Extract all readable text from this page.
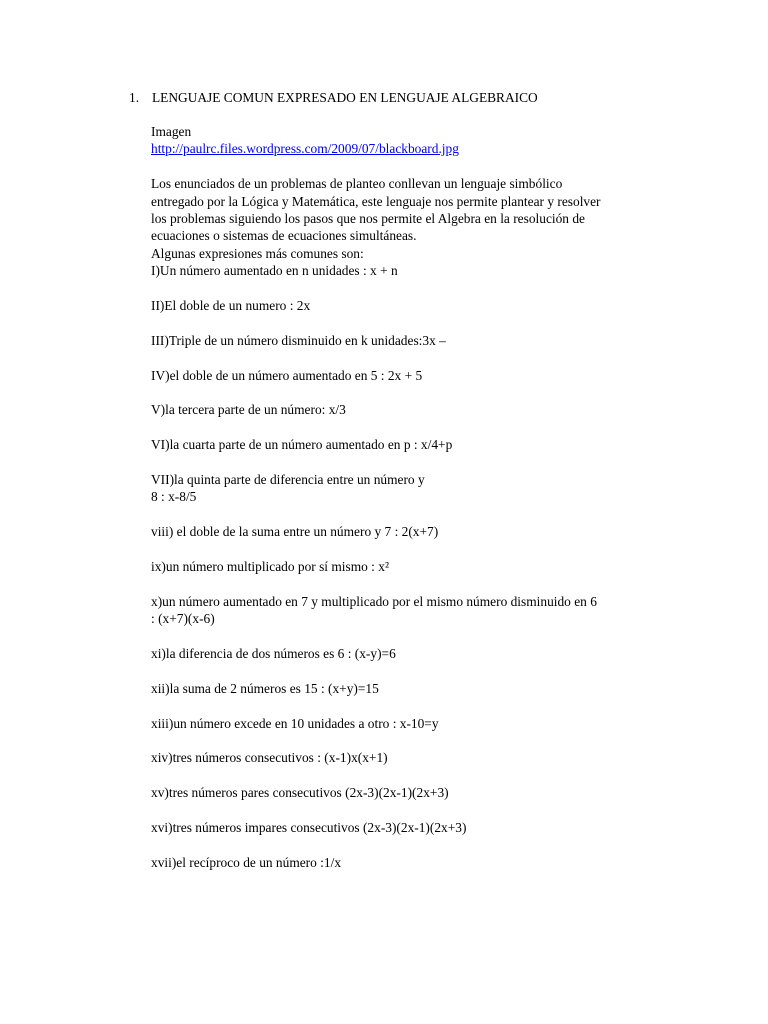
1. LENGUAJE COMUN EXPRESADO EN LENGUAJE ALGEBRAICO

Imagen

http://paulrc.files.wordpress.com/2009/07/blackboard.jpg

Los enunciados de un problemas de planteo conllevan un lenguaje simbólico

entregado por la Lógica y Matemática, este lenguaje nos permite plantear y resolver

los problemas siguiendo los pasos que nos permite el Algebra en la resolución de

ecuaciones o sistemas de ecuaciones simultáneas.

Algunas expresiones más comunes son:

I)Un número aumentado en n unidades : x + n

II)El doble de un numero : 2x

III)Triple de un número disminuido en k unidades:3x –

IV)el doble de un número aumentado en 5 : 2x + 5

V)la tercera parte de un número: x/3

VI)la cuarta parte de un número aumentado en p : x/4+p

VII)la quinta parte de diferencia entre un número y

8 : x-8/5

viii) el doble de la suma entre un número y 7 : 2(x+7)

ix)un número multiplicado por sí mismo : x²

x)un número aumentado en 7 y multiplicado por el mismo número disminuido en 6

: (x+7)(x-6)

xi)la diferencia de dos números es 6 : (x-y)=6

xii)la suma de 2 números es 15 : (x+y)=15

xiii)un número excede en 10 unidades a otro : x-10=y

xiv)tres números consecutivos : (x-1)x(x+1)

xv)tres números pares consecutivos (2x-3)(2x-1)(2x+3)

xvi)tres números impares consecutivos (2x-3)(2x-1)(2x+3)

xvii)el recíproco de un número :1/x
